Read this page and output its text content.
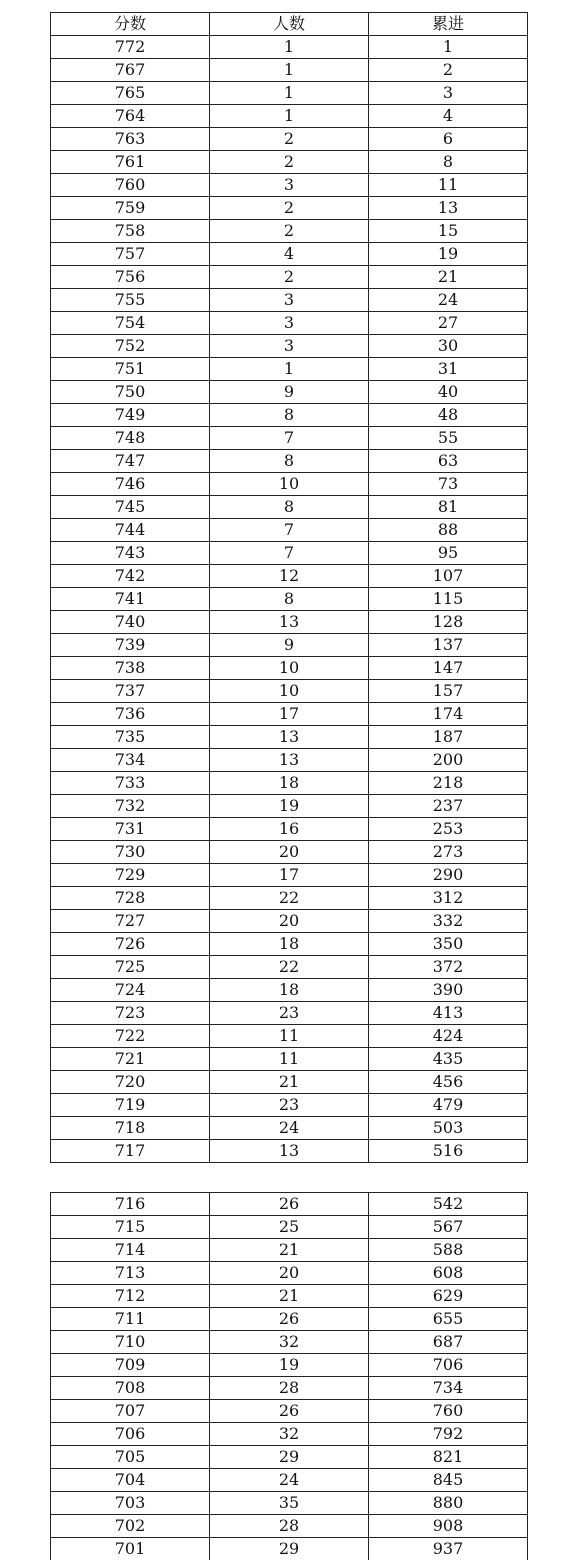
分数	人数	累进
772	1	1
767	1	2
765	1	3
764	1	4
763	2	6
761	2	8
760	3	11
759	2	13
758	2	15
757	4	19
756	2	21
755	3	24
754	3	27
752	3	30
751	1	31
750	9	40
749	8	48
748	7	55
747	8	63
746	10	73
745	8	81
744	7	88
743	7	95
742	12	107
741	8	115
740	13	128
739	9	137
738	10	147
737	10	157
736	17	174
735	13	187
734	13	200
733	18	218
732	19	237
731	16	253
730	20	273
729	17	290
728	22	312
727	20	332
726	18	350
725	22	372
724	18	390
723	23	413
722	11	424
721	11	435
720	21	456
719	23	479
718	24	503
717	13	516
716	26	542
715	25	567
714	21	588
713	20	608
712	21	629
711	26	655
710	32	687
709	19	706
708	28	734
707	26	760
706	32	792
705	29	821
704	24	845
703	35	880
702	28	908
701	29	937
